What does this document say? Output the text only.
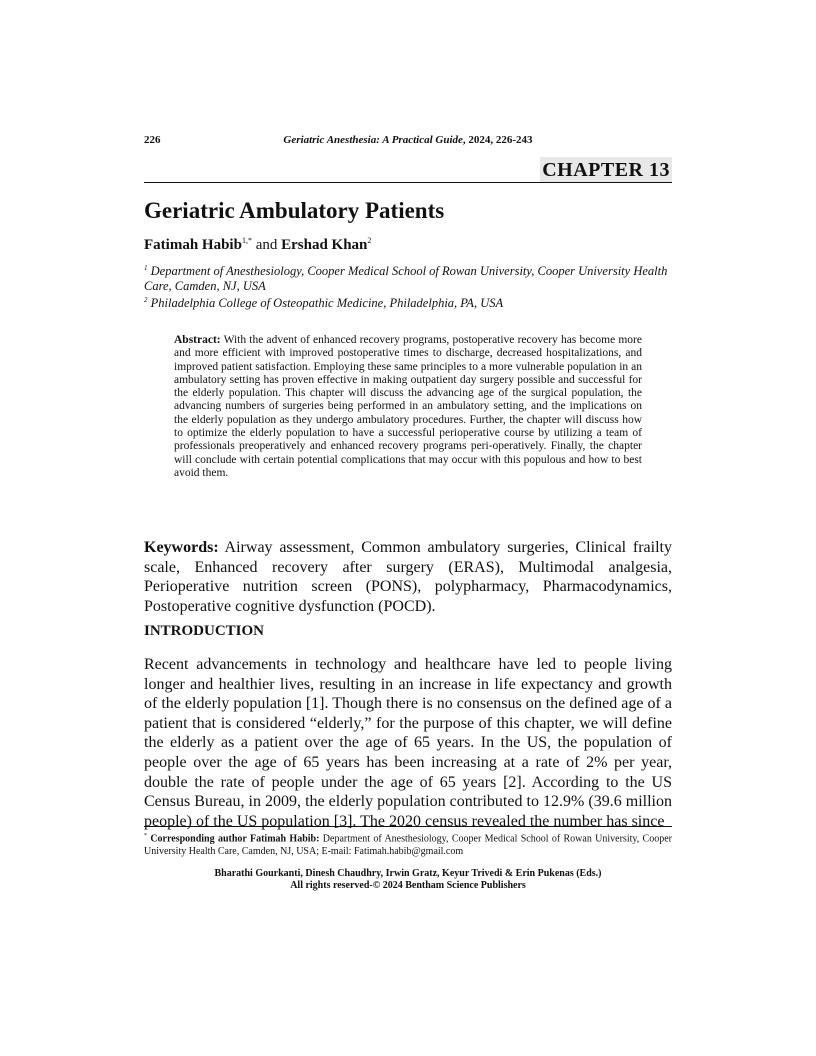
226	Geriatric Anesthesia: A Practical Guide, 2024, 226-243
CHAPTER 13
Geriatric Ambulatory Patients
Fatimah Habib$^{1,*}$ and Ershad Khan$^2$
$^1$ Department of Anesthesiology, Cooper Medical School of Rowan University, Cooper University Health Care, Camden, NJ, USA
$^2$ Philadelphia College of Osteopathic Medicine, Philadelphia, PA, USA
Abstract: With the advent of enhanced recovery programs, postoperative recovery has become more and more efficient with improved postoperative times to discharge, decreased hospitalizations, and improved patient satisfaction. Employing these same principles to a more vulnerable population in an ambulatory setting has proven effective in making outpatient day surgery possible and successful for the elderly population. This chapter will discuss the advancing age of the surgical population, the advancing numbers of surgeries being performed in an ambulatory setting, and the implications on the elderly population as they undergo ambulatory procedures. Further, the chapter will discuss how to optimize the elderly population to have a successful perioperative course by utilizing a team of professionals preoperatively and enhanced recovery programs peri-operatively. Finally, the chapter will conclude with certain potential complications that may occur with this populous and how to best avoid them.
Keywords: Airway assessment, Common ambulatory surgeries, Clinical frailty scale, Enhanced recovery after surgery (ERAS), Multimodal analgesia, Perioperative nutrition screen (PONS), polypharmacy, Pharmacodynamics, Postoperative cognitive dysfunction (POCD).
INTRODUCTION
Recent advancements in technology and healthcare have led to people living longer and healthier lives, resulting in an increase in life expectancy and growth of the elderly population [1]. Though there is no consensus on the defined age of a patient that is considered “elderly,” for the purpose of this chapter, we will define the elderly as a patient over the age of 65 years. In the US, the population of people over the age of 65 years has been increasing at a rate of 2% per year, double the rate of people under the age of 65 years [2]. According to the US Census Bureau, in 2009, the elderly population contributed to 12.9% (39.6 million people) of the US population [3]. The 2020 census revealed the number has since
* Corresponding author Fatimah Habib: Department of Anesthesiology, Cooper Medical School of Rowan University, Cooper University Health Care, Camden, NJ, USA; E-mail: Fatimah.habib@gmail.com
Bharathi Gourkanti, Dinesh Chaudhry, Irwin Gratz, Keyur Trivedi & Erin Pukenas (Eds.)
All rights reserved-© 2024 Bentham Science Publishers
